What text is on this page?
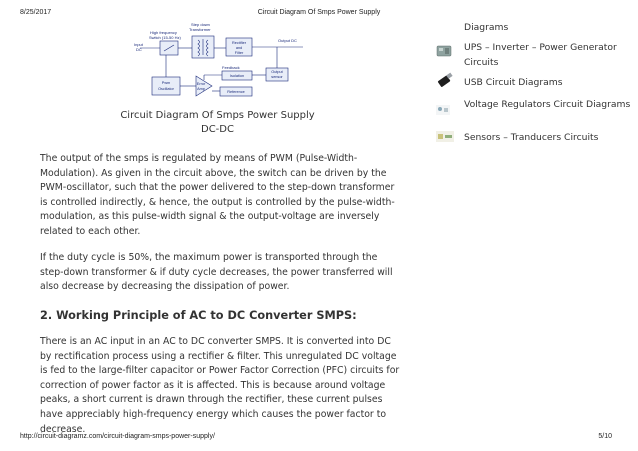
8/25/2017	Circuit Diagram Of Smps Power Supply
Input
DC
High frequency
Switch (15-50 Hz)
Step down
Transformer
Output DC
Feedback
Rectifier
and
Filter
Isolation
Output
sensor
Pwm
Oscillator
Error
Amp
Reference
Circuit Diagram Of Smps Power Supply
DC-DC

The output of the smps is regulated by means of PWM (Pulse-Width-Modulation). As given in the circuit above, the switch can be driven by the PWM-oscillator, such that the power delivered to the step-down transformer is controlled indirectly, & hence, the output is controlled by the pulse-width-modulation, as this pulse-width signal & the output-voltage are inversely related to each other.

If the duty cycle is 50%, the maximum power is transported through the step-down transformer & if duty cycle decreases, the power transferred will also decrease by decreasing the dissipation of power.

2. Working Principle of AC to DC Converter SMPS:

There is an AC input in an AC to DC converter SMPS. It is converted into DC by rectification process using a rectifier & filter. This unregulated DC voltage is fed to the large-filter capacitor or Power Factor Correction (PFC) circuits for correction of power factor as it is affected. This is because around voltage peaks, a short current is drawn through the rectifier, these current pulses have appreciably high-frequency energy which causes the power factor to decrease.

Diagrams
UPS – Inverter – Power Generator Circuits
USB Circuit Diagrams
Voltage Regulators Circuit Diagrams
Sensors – Tranducers Circuits
http://circuit-diagramz.com/circuit-diagram-smps-power-supply/	5/10
